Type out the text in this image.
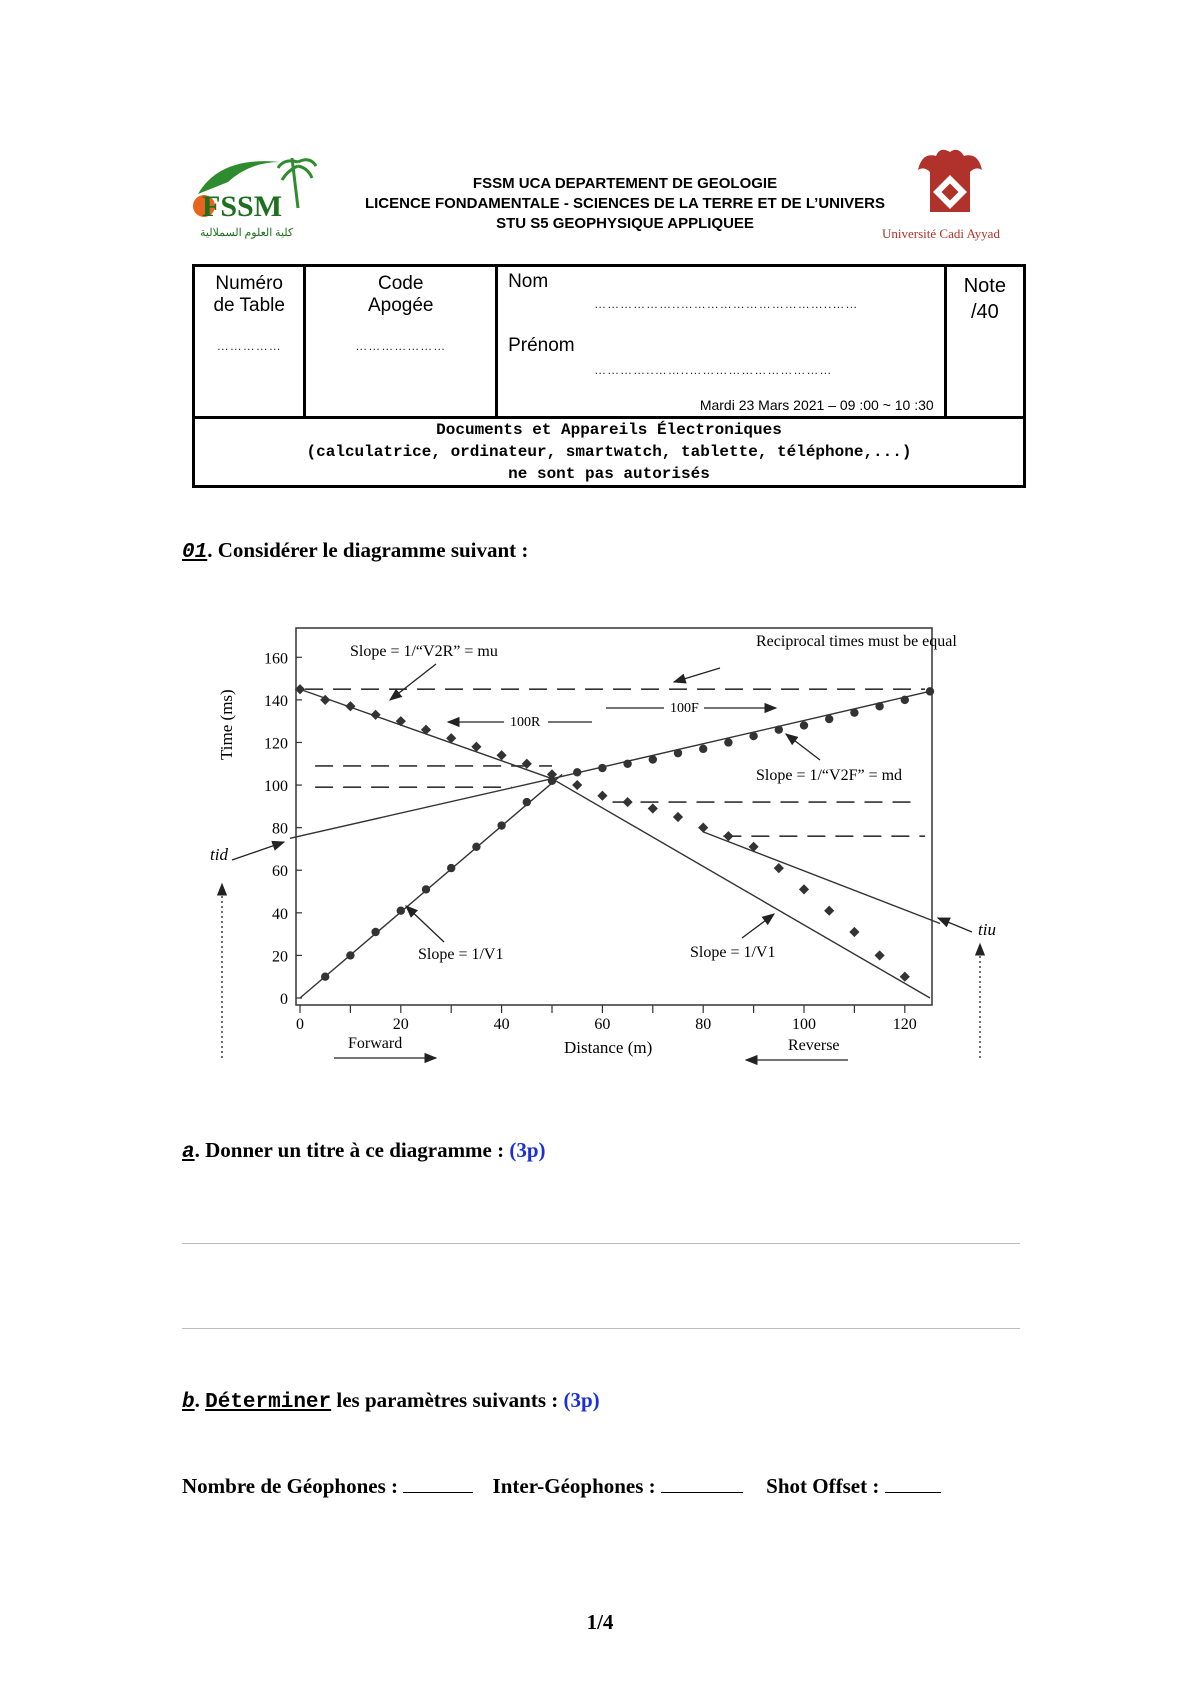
FSSM
كلية العلوم السملالية
FSSM UCA DEPARTEMENT DE GEOLOGIE
LICENCE FONDAMENTALE - SCIENCES DE LA TERRE ET DE L’UNIVERS
STU S5 GEOPHYSIQUE APPLIQUEE
Université Cadi Ayyad
Numéro
de Table
……………

Code
Apogée
…………………

Nom
………………..……………………………..……
Prénom
…………..……..……………………………
Mardi 23 Mars 2021 – 09 :00 ~ 10 :30

Note
/40

Documents et Appareils Électroniques
(calculatrice, ordinateur, smartwatch, tablette, téléphone,...)
ne sont pas autorisés
01. Considérer le diagramme suivant :
0
20
40
60
80
100
120
140
160
0	20	40	60	80	100	120
Time (ms)
Distance (m)
Slope = 1/“V2R” = mu
Reciprocal times must be equal
100R
100F
Slope = 1/“V2F” = md
Slope = 1/V1	Slope = 1/V1
tid
tiu
Forward	Reverse
a. Donner un titre à ce diagramme : (3p)
b. Déterminer les paramètres suivants : (3p)
Nombre de Géophones :	Inter-Géophones :	Shot Offset :
1/4
